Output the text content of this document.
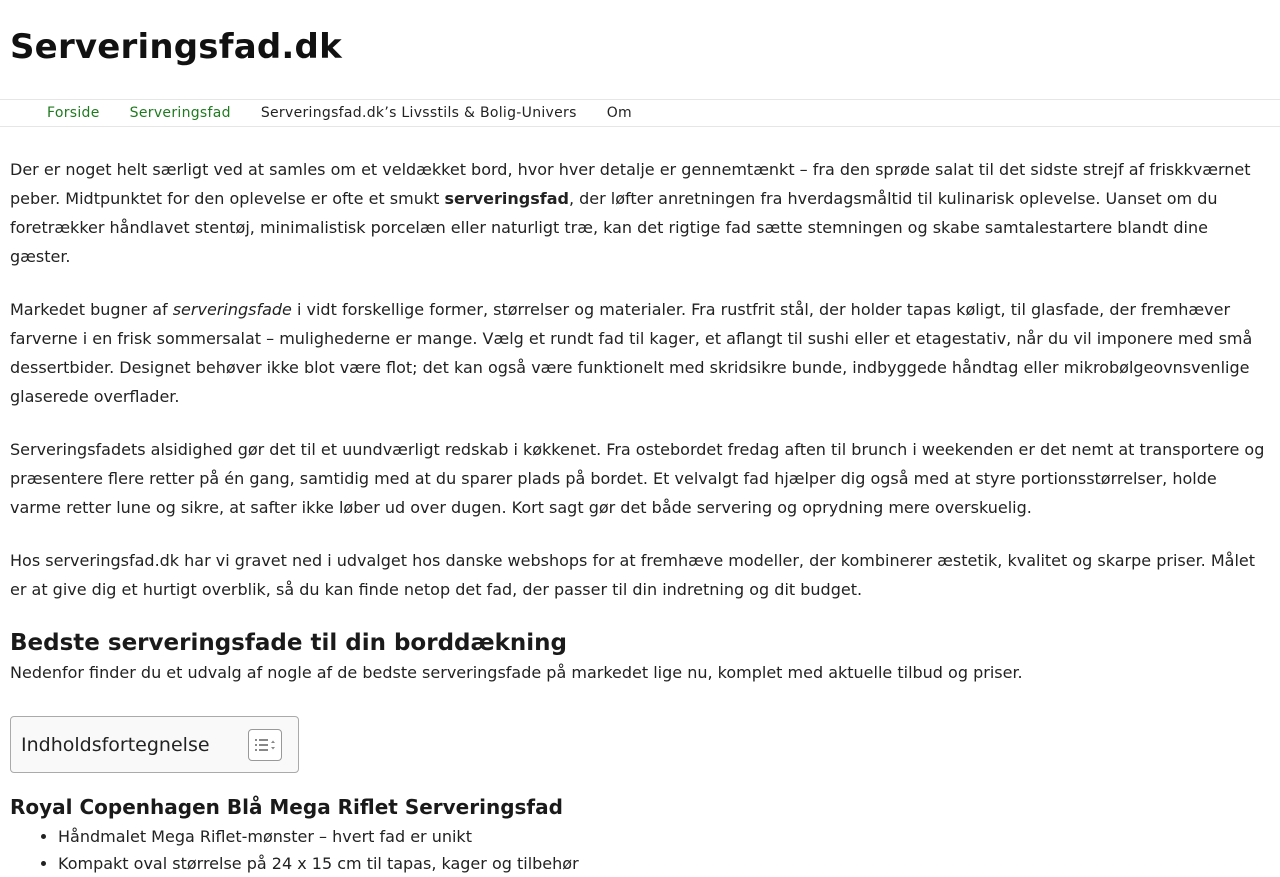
Serveringsfad.dk
Forside	Serveringsfad	Serveringsfad.dk’s Livsstils & Bolig-Univers	Om

Der er noget helt særligt ved at samles om et veldækket bord, hvor hver detalje er gennemtænkt – fra den sprøde salat til det sidste strejf af friskkværnet peber. Midtpunktet for den oplevelse er ofte et smukt serveringsfad, der løfter anretningen fra hverdagsmåltid til kulinarisk oplevelse. Uanset om du foretrækker håndlavet stentøj, minimalistisk porcelæn eller naturligt træ, kan det rigtige fad sætte stemningen og skabe samtalestartere blandt dine gæster.

Markedet bugner af serveringsfade i vidt forskellige former, størrelser og materialer. Fra rustfrit stål, der holder tapas køligt, til glasfade, der fremhæver farverne i en frisk sommersalat – mulighederne er mange. Vælg et rundt fad til kager, et aflangt til sushi eller et etagestativ, når du vil imponere med små dessertbider. Designet behøver ikke blot være flot; det kan også være funktionelt med skridsikre bunde, indbyggede håndtag eller mikrobølgeovnsvenlige glaserede overflader.

Serveringsfadets alsidighed gør det til et uundværligt redskab i køkkenet. Fra ostebordet fredag aften til brunch i weekenden er det nemt at transportere og præsentere flere retter på én gang, samtidig med at du sparer plads på bordet. Et velvalgt fad hjælper dig også med at styre portionsstørrelser, holde varme retter lune og sikre, at safter ikke løber ud over dugen. Kort sagt gør det både servering og oprydning mere overskuelig.

Hos serveringsfad.dk har vi gravet ned i udvalget hos danske webshops for at fremhæve modeller, der kombinerer æstetik, kvalitet og skarpe priser. Målet er at give dig et hurtigt overblik, så du kan finde netop det fad, der passer til din indretning og dit budget.

Bedste serveringsfade til din borddækning

Nedenfor finder du et udvalg af nogle af de bedste serveringsfade på markedet lige nu, komplet med aktuelle tilbud og priser.

Indholdsfortegnelse
Royal Copenhagen Blå Mega Riflet Serveringsfad
• Håndmalet Mega Riflet-mønster – hvert fad er unikt
• Kompakt oval størrelse på 24 x 15 cm til tapas, kager og tilbehør
